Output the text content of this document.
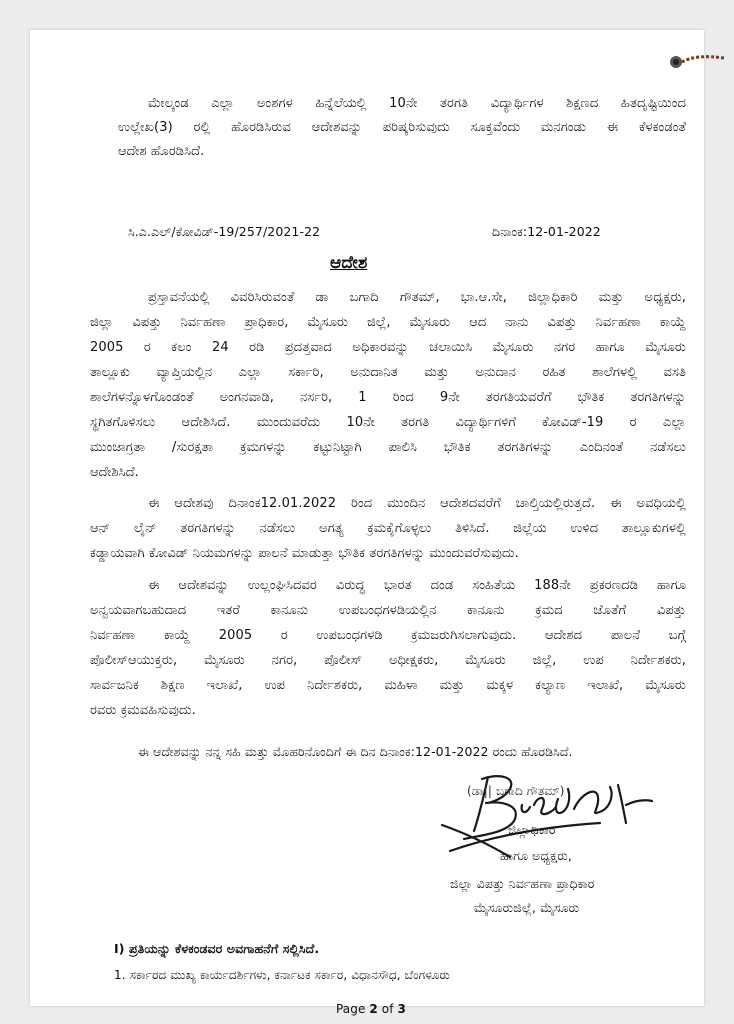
ಮೇಲ್ಕಂಡ ಎಲ್ಲಾ ಅಂಶಗಳ ಹಿನ್ನೆಲೆಯಲ್ಲಿ 10ನೇ ತರಗತಿ ವಿದ್ಯಾರ್ಥಿಗಳ ಶಿಕ್ಷಣದ ಹಿತದೃಷ್ಟಿಯಿಂದ
ಉಲ್ಲೇಖ(3) ರಲ್ಲಿ ಹೊರಡಿಸಿರುವ ಆದೇಶವನ್ನು ಪರಿಷ್ಕರಿಸುವುದು ಸೂಕ್ತವೆಂದು ಮನಗಂಡು ಈ ಕೆಳಕಂಡಂತೆ
ಆದೇಶ ಹೊರಡಿಸಿದೆ.
ಸಿ.ಎ.ಎಲ್/ಕೋವಿಡ್-19/257/2021-22	ದಿನಾಂಕ:12-01-2022
ಆದೇಶ
ಪ್ರಸ್ತಾವನೆಯಲ್ಲಿ ವಿವರಿಸಿರುವಂತೆ ಡಾ ಬಗಾದಿ ಗೌತಮ್, ಭಾ.ಆ.ಸೇ, ಜಿಲ್ಲಾಧಿಕಾರಿ ಮತ್ತು ಅಧ್ಯಕ್ಷರು,
ಜಿಲ್ಲಾ ವಿಪತ್ತು ನಿರ್ವಹಣಾ ಪ್ರಾಧಿಕಾರ, ಮೈಸೂರು ಜಿಲ್ಲೆ, ಮೈಸೂರು ಆದ ನಾನು ವಿಪತ್ತು ನಿರ್ವಹಣಾ ಕಾಯ್ದೆ
2005 ರ ಕಲಂ 24 ರಡಿ ಪ್ರದತ್ತವಾದ ಅಧಿಕಾರವನ್ನು ಚಲಾಯಿಸಿ ಮೈಸೂರು ನಗರ ಹಾಗೂ ಮೈಸೂರು
ತಾಲ್ಲೂಕು ವ್ಯಾಪ್ತಿಯಲ್ಲಿನ ಎಲ್ಲಾ ಸರ್ಕಾರಿ, ಅನುದಾನಿತ ಮತ್ತು ಅನುದಾನ ರಹಿತ ಶಾಲೆಗಳಲ್ಲಿ ವಸತಿ
ಶಾಲೆಗಳನ್ನೊಳಗೊಂಡಂತೆ ಅಂಗನವಾಡಿ, ನರ್ಸರಿ, 1 ರಿಂದ 9ನೇ ತರಗತಿಯವರೆಗೆ ಭೌತಿಕ ತರಗತಿಗಳನ್ನು
ಸ್ಥಗಿತಗೊಳಿಸಲು ಆದೇಶಿಸಿದೆ. ಮುಂದುವರೆದು 10ನೇ ತರಗತಿ ವಿದ್ಯಾರ್ಥಿಗಳಿಗೆ ಕೋವಿಡ್-19 ರ ಎಲ್ಲಾ
ಮುಂಜಾಗ್ರತಾ /ಸುರಕ್ಷತಾ ಕ್ರಮಗಳನ್ನು ಕಟ್ಟುನಿಟ್ಟಾಗಿ ಪಾಲಿಸಿ ಭೌತಿಕ ತರಗತಿಗಳನ್ನು ಎಂದಿನಂತೆ ನಡೆಸಲು
ಆದೇಶಿಸಿದೆ.
ಈ ಆದೇಶವು ದಿನಾಂಕ12.01.2022 ರಿಂದ ಮುಂದಿನ ಆದೇಶದವರೆಗೆ ಚಾಲ್ತಿಯಲ್ಲಿರುತ್ತದೆ. ಈ ಅವಧಿಯಲ್ಲಿ
ಆನ್ ಲೈನ್ ತರಗತಿಗಳನ್ನು ನಡೆಸಲು ಅಗತ್ಯ ಕ್ರಮಕೈಗೊಳ್ಳಲು ತಿಳಿಸಿದೆ. ಜಿಲ್ಲೆಯ ಉಳಿದ ತಾಲ್ಲೂಕುಗಳಲ್ಲಿ
ಕಡ್ಡಾಯವಾಗಿ ಕೋವಿಡ್ ನಿಯಮಗಳನ್ನು ಪಾಲನೆ ಮಾಡುತ್ತಾ ಭೌತಿಕ ತರಗತಿಗಳನ್ನು ಮುಂದುವರೆಸುವುದು.
ಈ ಆದೇಶವನ್ನು ಉಲ್ಲಂಘಿಸಿದವರ ವಿರುದ್ಧ ಭಾರತ ದಂಡ ಸಂಹಿತೆಯ 188ನೇ ಪ್ರಕರಣದಡಿ ಹಾಗೂ
ಅನ್ವಯವಾಗಬಹುದಾದ ಇತರೆ ಕಾನೂನು ಉಪಬಂಧಗಳಡಿಯಲ್ಲಿನ ಕಾನೂನು ಕ್ರಮದ ಜೊತೆಗೆ ವಿಪತ್ತು
ನಿರ್ವಹಣಾ ಕಾಯ್ದೆ 2005 ರ ಉಪಬಂಧಗಳಡಿ ಕ್ರಮಜರುಗಿಸಲಾಗುವುದು. ಆದೇಶದ ಪಾಲನೆ ಬಗ್ಗೆ
ಪೊಲೀಸ್‌ಆಯುಕ್ತರು, ಮೈಸೂರು ನಗರ, ಪೊಲೀಸ್ ಅಧೀಕ್ಷಕರು, ಮೈಸೂರು ಜಿಲ್ಲೆ, ಉಪ ನಿರ್ದೇಶಕರು,
ಸಾರ್ವಜನಿಕ ಶಿಕ್ಷಣ ಇಲಾಖೆ, ಉಪ ನಿರ್ದೇಶಕರು, ಮಹಿಳಾ ಮತ್ತು ಮಕ್ಕಳ ಕಲ್ಯಾಣ ಇಲಾಖೆ, ಮೈಸೂರು
ರವರು ಕ್ರಮವಹಿಸುವುದು.
ಈ ಆದೇಶವನ್ನು ನನ್ನ ಸಹಿ ಮತ್ತು ಮೊಹರಿನೊಂದಿಗೆ ಈ ದಿನ ದಿನಾಂಕ:12-01-2022 ರಂದು ಹೊರಡಿಸಿದೆ.
(ಡಾ|| ಬಗಾದಿ ಗೌತಮ್)
ಜಿಲ್ಲಾಧಿಕಾರಿ
ಹಾಗೂ ಅಧ್ಯಕ್ಷರು,
ಜಿಲ್ಲಾ ವಿಪತ್ತು ನಿರ್ವಹಣಾ ಪ್ರಾಧಿಕಾರ
ಮೈಸೂರುಜಿಲ್ಲೆ, ಮೈಸೂರು
I) ಪ್ರತಿಯನ್ನು ಕೆಳಕಂಡವರ ಅವಗಾಹನೆಗೆ ಸಲ್ಲಿಸಿದೆ.
1. ಸರ್ಕಾರದ ಮುಖ್ಯ ಕಾರ್ಯದರ್ಶಿಗಳು, ಕರ್ನಾಟಕ ಸರ್ಕಾರ, ವಿಧಾನಸೌಧ, ಬೆಂಗಳೂರು
Page 2 of 3
